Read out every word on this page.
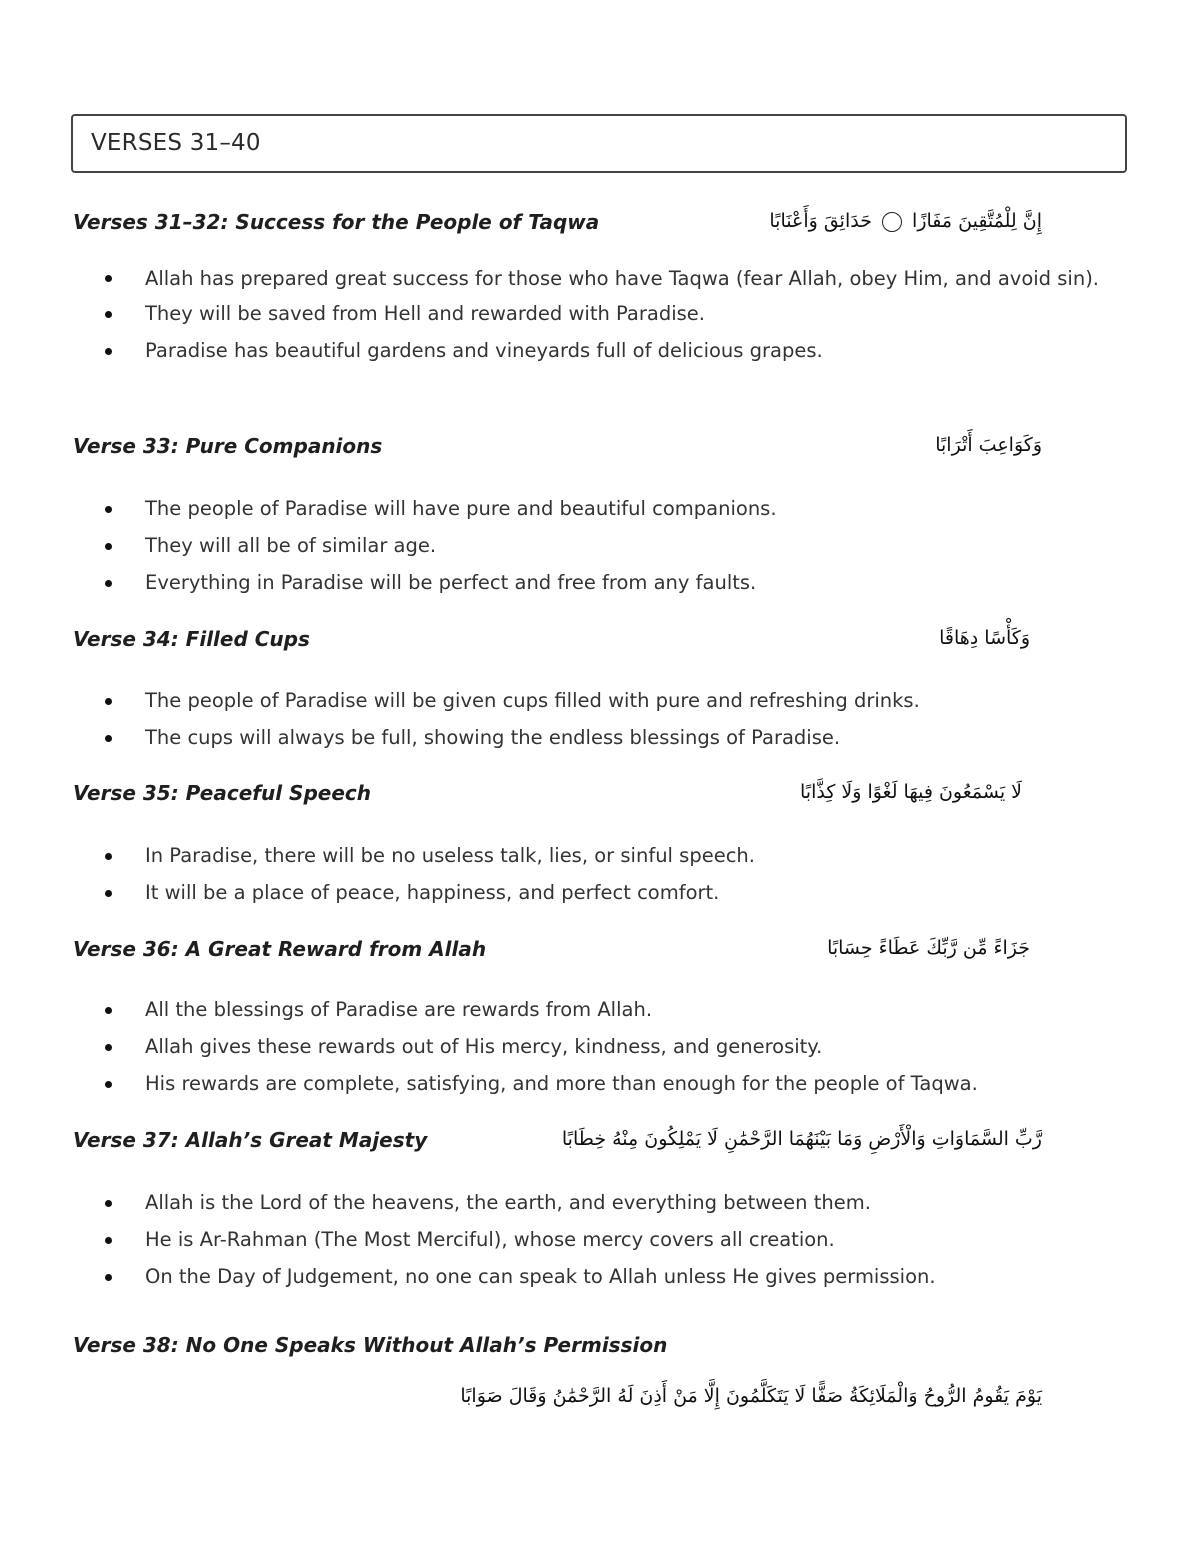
VERSES 31–40
Verses 31–32: Success for the People of Taqwa	إِنَّ لِلْمُتَّقِينَ مَفَازًا  حَدَائِقَ وَأَعْنَابًا
Allah has prepared great success for those who have Taqwa (fear Allah, obey Him, and avoid sin).
They will be saved from Hell and rewarded with Paradise.
Paradise has beautiful gardens and vineyards full of delicious grapes.
Verse 33: Pure Companions	وَكَوَاعِبَ أَتْرَابًا
The people of Paradise will have pure and beautiful companions.
They will all be of similar age.
Everything in Paradise will be perfect and free from any faults.
Verse 34: Filled Cups	وَكَأْسًا دِهَاقًا
The people of Paradise will be given cups filled with pure and refreshing drinks.
The cups will always be full, showing the endless blessings of Paradise.
Verse 35: Peaceful Speech	لَا يَسْمَعُونَ فِيهَا لَغْوًا وَلَا كِذَّابًا
In Paradise, there will be no useless talk, lies, or sinful speech.
It will be a place of peace, happiness, and perfect comfort.
Verse 36: A Great Reward from Allah	جَزَاءً مِّن رَّبِّكَ عَطَاءً حِسَابًا
All the blessings of Paradise are rewards from Allah.
Allah gives these rewards out of His mercy, kindness, and generosity.
His rewards are complete, satisfying, and more than enough for the people of Taqwa.
Verse 37: Allah’s Great Majesty	رَّبِّ السَّمَاوَاتِ وَالْأَرْضِ وَمَا بَيْنَهُمَا الرَّحْمَٰنِ لَا يَمْلِكُونَ مِنْهُ خِطَابًا
Allah is the Lord of the heavens, the earth, and everything between them.
He is Ar-Rahman (The Most Merciful), whose mercy covers all creation.
On the Day of Judgement, no one can speak to Allah unless He gives permission.
Verse 38: No One Speaks Without Allah’s Permission
يَوْمَ يَقُومُ الرُّوحُ وَالْمَلَائِكَةُ صَفًّا لَا يَتَكَلَّمُونَ إِلَّا مَنْ أَذِنَ لَهُ الرَّحْمَٰنُ وَقَالَ صَوَابًا
